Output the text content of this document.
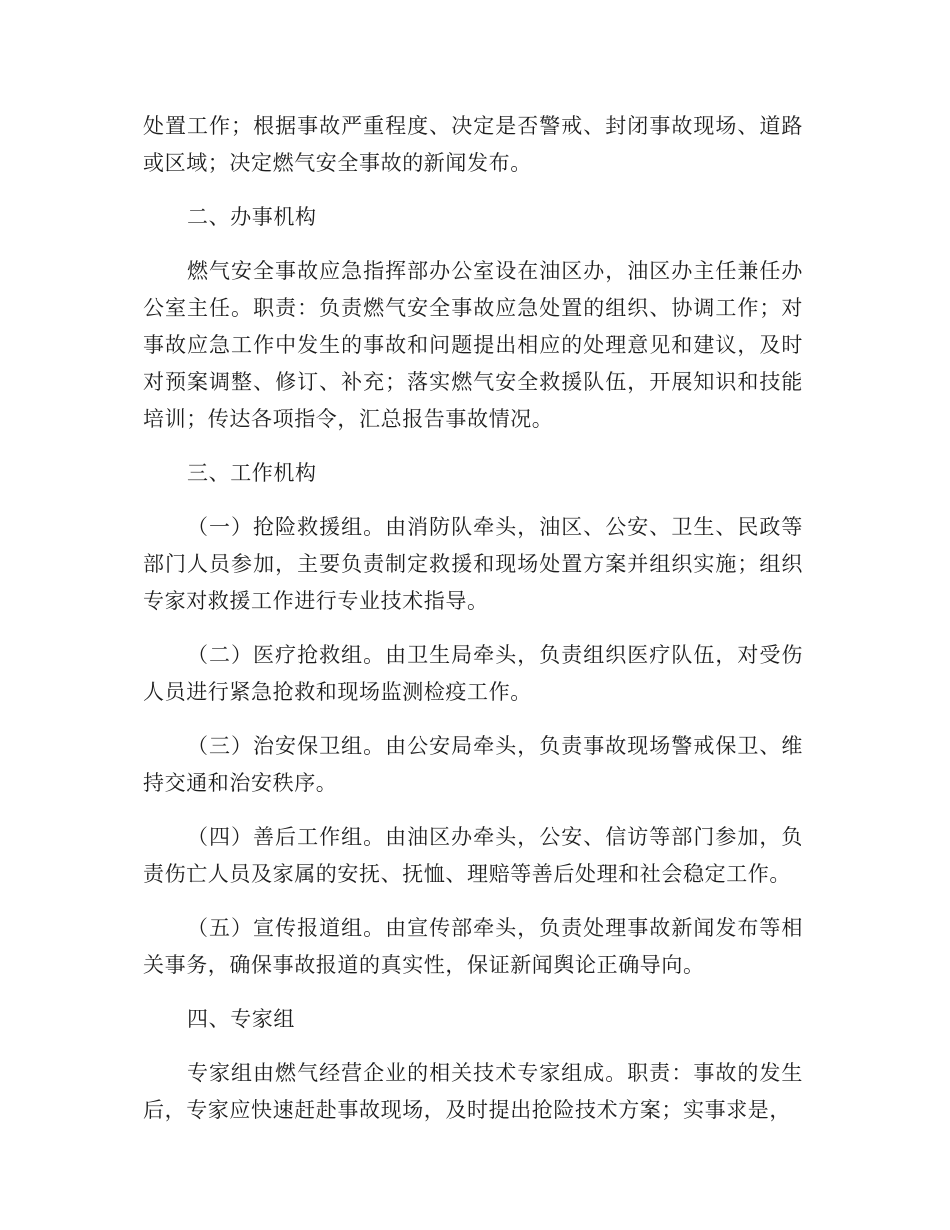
处置工作；根据事故严重程度、决定是否警戒、封闭事故现场、道路或区域；决定燃气安全事故的新闻发布。

二、办事机构

燃气安全事故应急指挥部办公室设在油区办，油区办主任兼任办公室主任。职责：负责燃气安全事故应急处置的组织、协调工作；对事故应急工作中发生的事故和问题提出相应的处理意见和建议，及时对预案调整、修订、补充；落实燃气安全救援队伍，开展知识和技能培训；传达各项指令，汇总报告事故情况。

三、工作机构

（一）抢险救援组。由消防队牵头，油区、公安、卫生、民政等部门人员参加，主要负责制定救援和现场处置方案并组织实施；组织专家对救援工作进行专业技术指导。

（二）医疗抢救组。由卫生局牵头，负责组织医疗队伍，对受伤人员进行紧急抢救和现场监测检疫工作。

（三）治安保卫组。由公安局牵头，负责事故现场警戒保卫、维持交通和治安秩序。

（四）善后工作组。由油区办牵头，公安、信访等部门参加，负责伤亡人员及家属的安抚、抚恤、理赔等善后处理和社会稳定工作。

（五）宣传报道组。由宣传部牵头，负责处理事故新闻发布等相关事务，确保事故报道的真实性，保证新闻舆论正确导向。

四、专家组

专家组由燃气经营企业的相关技术专家组成。职责：事故的发生后，专家应快速赶赴事故现场，及时提出抢险技术方案；实事求是，
